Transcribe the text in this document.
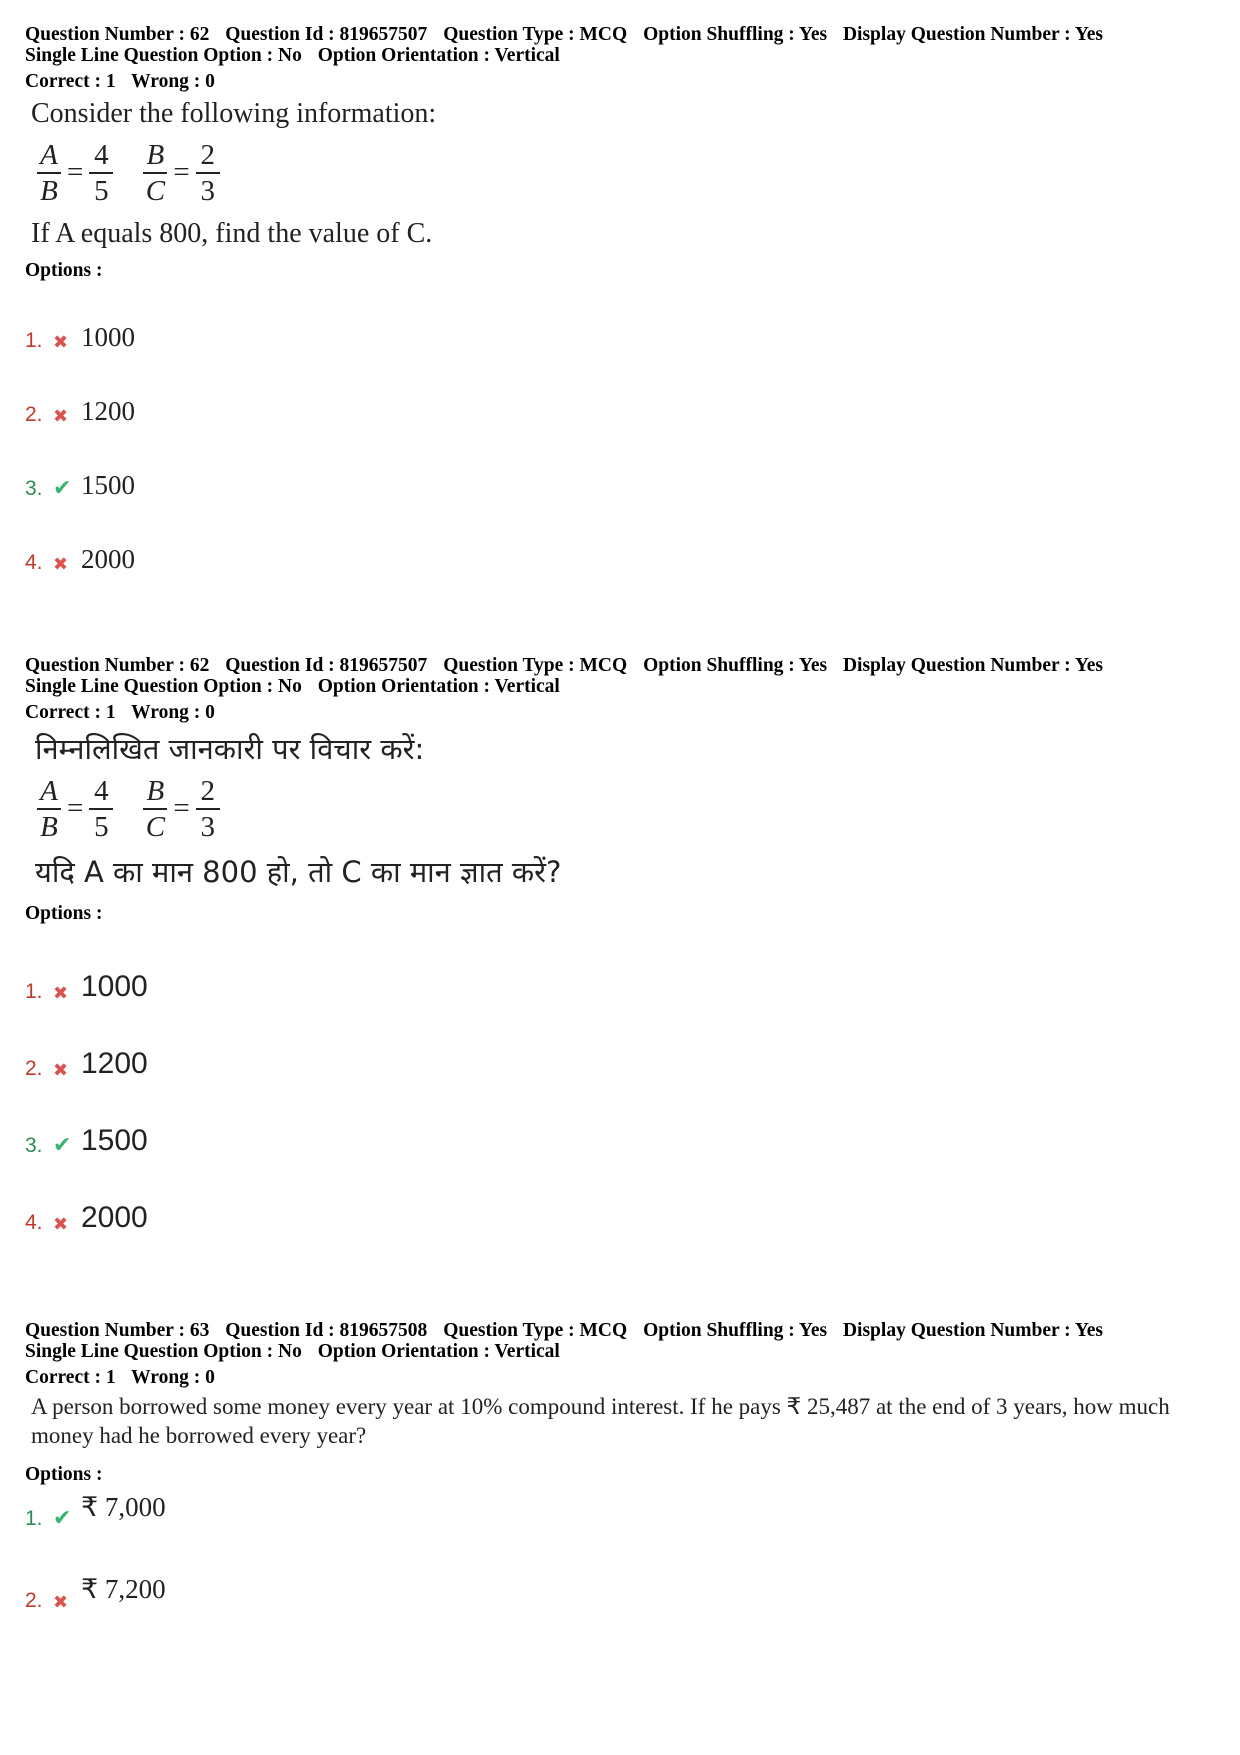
Question Number : 62 Question Id : 819657507 Question Type : MCQ Option Shuffling : Yes Display Question Number : Yes
Single Line Question Option : No Option Orientation : Vertical
Correct : 1 Wrong : 0
Consider the following information:
$\frac{A}{B} = \frac{4}{5} \frac{B}{C} = \frac{2}{3}$
If A equals 800, find the value of C.
Options :
1. ✖ 1000
2. ✖ 1200
3. ✔ 1500
4. ✖ 2000
Question Number : 62 Question Id : 819657507 Question Type : MCQ Option Shuffling : Yes Display Question Number : Yes
Single Line Question Option : No Option Orientation : Vertical
Correct : 1 Wrong : 0
निम्नलिखित जानकारी पर विचार करें:
$\frac{A}{B} = \frac{4}{5} \frac{B}{C} = \frac{2}{3}$
यदि A का मान 800 हो, तो C का मान ज्ञात करें?
Options :
1. ✖ 1000
2. ✖ 1200
3. ✔ 1500
4. ✖ 2000
Question Number : 63 Question Id : 819657508 Question Type : MCQ Option Shuffling : Yes Display Question Number : Yes
Single Line Question Option : No Option Orientation : Vertical
Correct : 1 Wrong : 0
A person borrowed some money every year at 10% compound interest. If he pays ₹ 25,487 at the end of 3 years, how much
money had he borrowed every year?
Options :
1. ✔ ₹ 7,000
2. ✖ ₹ 7,200
